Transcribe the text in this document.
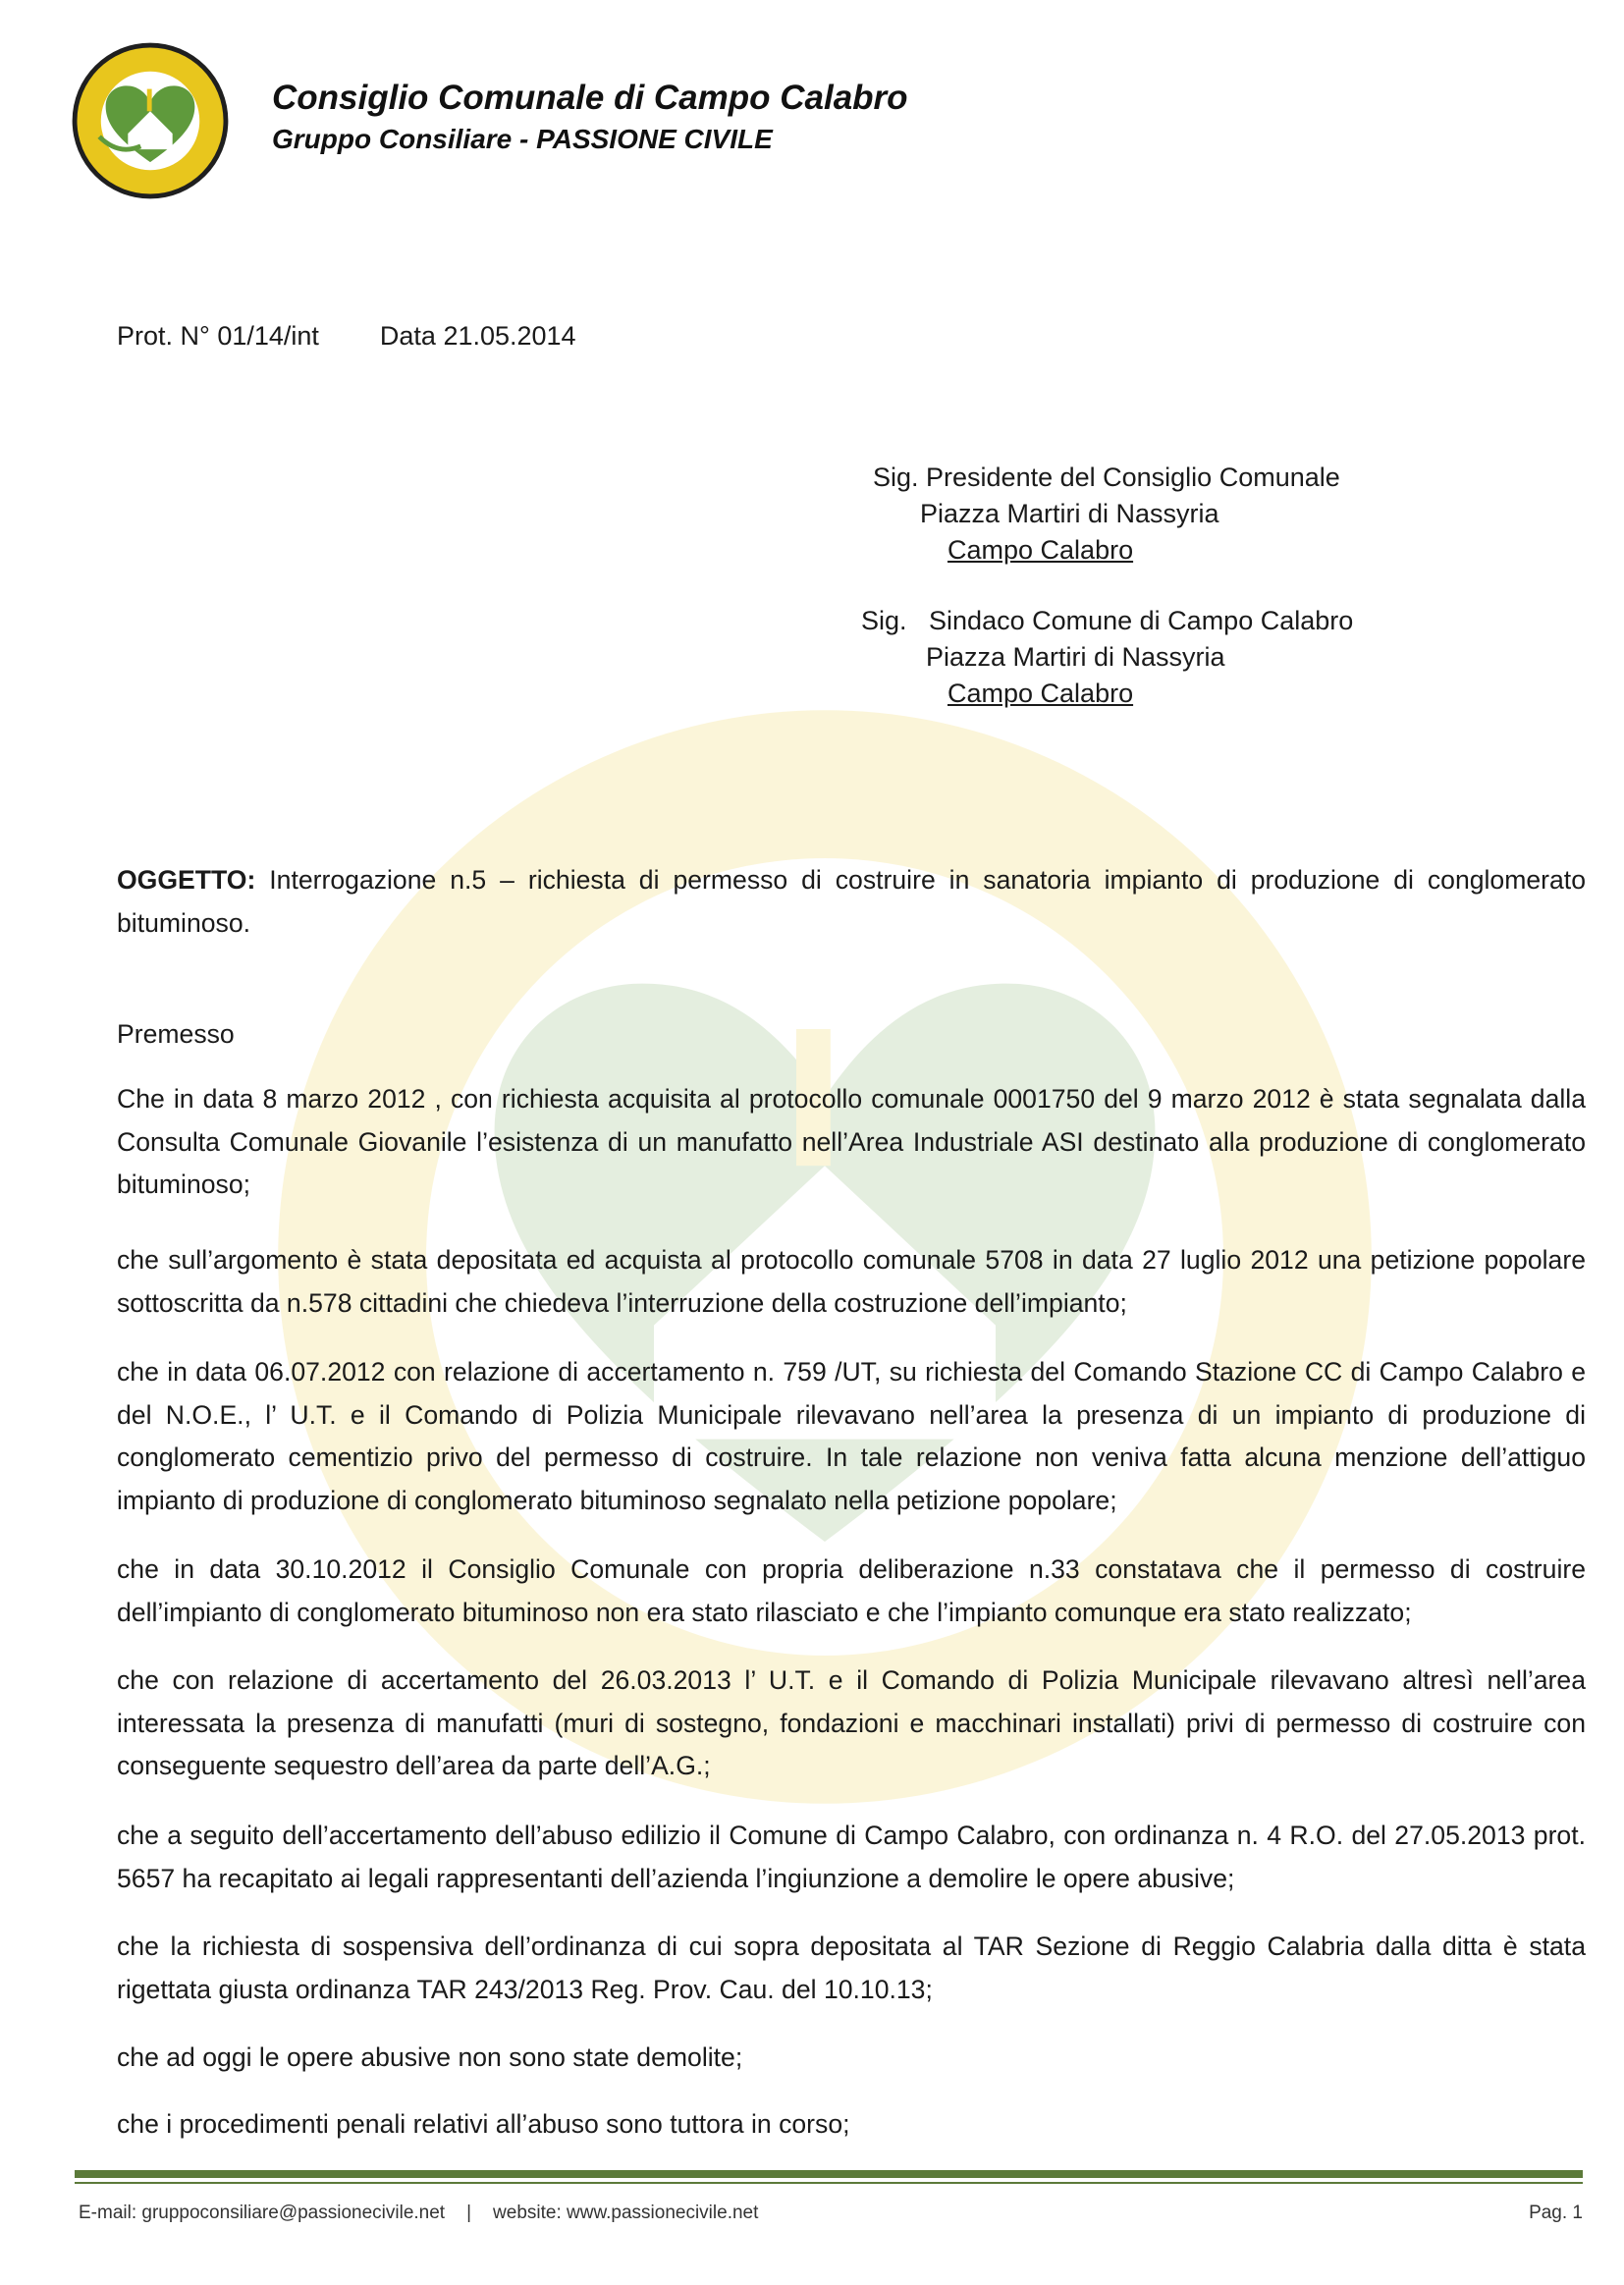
Consiglio Comunale di Campo Calabro
Gruppo Consiliare - PASSIONE CIVILE
Prot. N° 01/14/int Data 21.05.2014
Sig. Presidente del Consiglio Comunale
Piazza Martiri di Nassyria
Campo Calabro
Sig.   Sindaco Comune di Campo Calabro
Piazza Martiri di Nassyria
Campo Calabro

OGGETTO: Interrogazione n.5 – richiesta di permesso di costruire in sanatoria impianto di produzione di conglomerato bituminoso.

Premesso
Che in data 8 marzo 2012 , con richiesta acquisita al protocollo comunale 0001750 del 9 marzo 2012 è stata segnalata dalla Consulta Comunale Giovanile l’esistenza di un manufatto nell’Area Industriale ASI destinato alla produzione di conglomerato bituminoso;
che sull’argomento è stata depositata ed acquista al protocollo comunale 5708 in data 27 luglio 2012 una petizione popolare sottoscritta da n.578 cittadini che chiedeva l’interruzione della costruzione dell’impianto;
che in data 06.07.2012 con relazione di accertamento n. 759 /UT, su richiesta del Comando Stazione CC di Campo Calabro e del N.O.E., l’ U.T. e il Comando di Polizia Municipale rilevavano nell’area la presenza di un impianto di produzione di conglomerato cementizio privo del permesso di costruire. In tale relazione non veniva fatta alcuna menzione dell’attiguo impianto di produzione di conglomerato bituminoso segnalato nella petizione popolare;
che in data 30.10.2012 il Consiglio Comunale con propria deliberazione n.33 constatava che il permesso di costruire dell’impianto di conglomerato bituminoso non era stato rilasciato e che l’impianto comunque era stato realizzato;
che con relazione di accertamento del 26.03.2013 l’ U.T. e il Comando di Polizia Municipale rilevavano altresì nell’area interessata la presenza di manufatti (muri di sostegno, fondazioni e macchinari installati) privi di permesso di costruire con conseguente sequestro dell’area da parte dell’A.G.;
che a seguito dell’accertamento dell’abuso edilizio il Comune di Campo Calabro, con ordinanza n. 4 R.O. del 27.05.2013 prot. 5657 ha recapitato ai legali rappresentanti dell’azienda l’ingiunzione a demolire le opere abusive;
che la richiesta di sospensiva dell’ordinanza di cui sopra depositata al TAR Sezione di Reggio Calabria dalla ditta è stata rigettata giusta ordinanza TAR 243/2013 Reg. Prov. Cau. del 10.10.13;
che ad oggi le opere abusive non sono state demolite;
che i procedimenti penali relativi all’abuso sono tuttora in corso;
E-mail: gruppoconsiliare@passionecivile.net | website: www.passionecivile.net	Pag. 1
